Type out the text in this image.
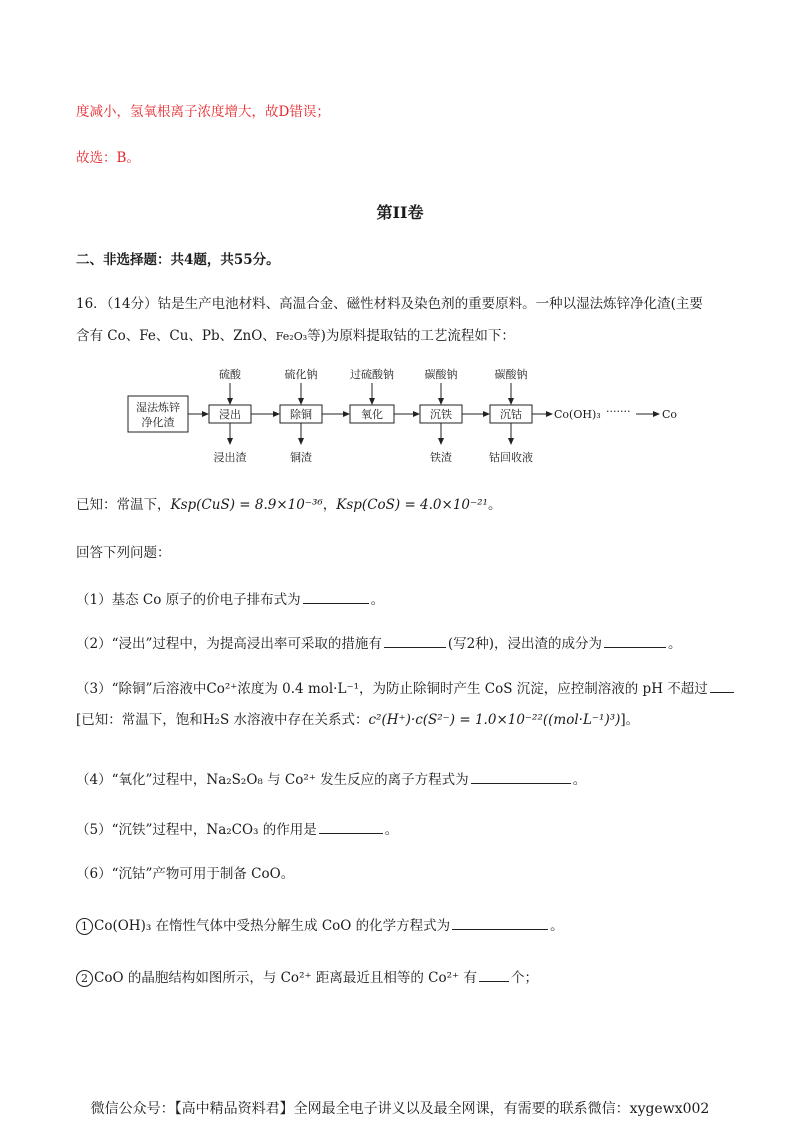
度减小，氢氧根离子浓度增大，故D错误；
故选：B。
第II卷
二、非选择题：共4题，共55分。
16．（14分）钴是生产电池材料、高温合金、磁性材料及染色剂的重要原料。一种以湿法炼锌净化渣(主要
含有 Co、Fe、Cu、Pb、ZnO、Fe₂O₃等)为原料提取钴的工艺流程如下：
湿法炼锌
净化渣
硫酸
浸出
浸出渣
硫化钠
除铜
铜渣
过硫酸钠
氧化
碳酸钠
沉铁
铁渣
碳酸钠
沉钴
钴回收液
Co(OH)₃ ·······	Co
已知：常温下，Ksp(CuS) = 8.9×10⁻³⁶，Ksp(CoS) = 4.0×10⁻²¹。
回答下列问题：
（1）基态 Co 原子的价电子排布式为	。
（2）“浸出”过程中，为提高浸出率可采取的措施有	(写2种)，浸出渣的成分为	。
（3）“除铜”后溶液中Co²⁺浓度为 0.4 mol·L⁻¹，为防止除铜时产生 CoS 沉淀，应控制溶液的 pH 不超过
[已知：常温下，饱和H₂S 水溶液中存在关系式：c²(H⁺)·c(S²⁻) = 1.0×10⁻²²((mol·L⁻¹)³)]。
（4）“氧化”过程中，Na₂S₂O₈ 与 Co²⁺ 发生反应的离子方程式为	。
（5）“沉铁”过程中，Na₂CO₃ 的作用是	。
（6）“沉钴”产物可用于制备 CoO。
1 Co(OH)₃ 在惰性气体中受热分解生成 CoO 的化学方程式为	。
2 CoO 的晶胞结构如图所示，与 Co²⁺ 距离最近且相等的 Co²⁺ 有	个；
微信公众号：【高中精品资料君】全网最全电子讲义以及最全网课，有需要的联系微信：xygewx002
